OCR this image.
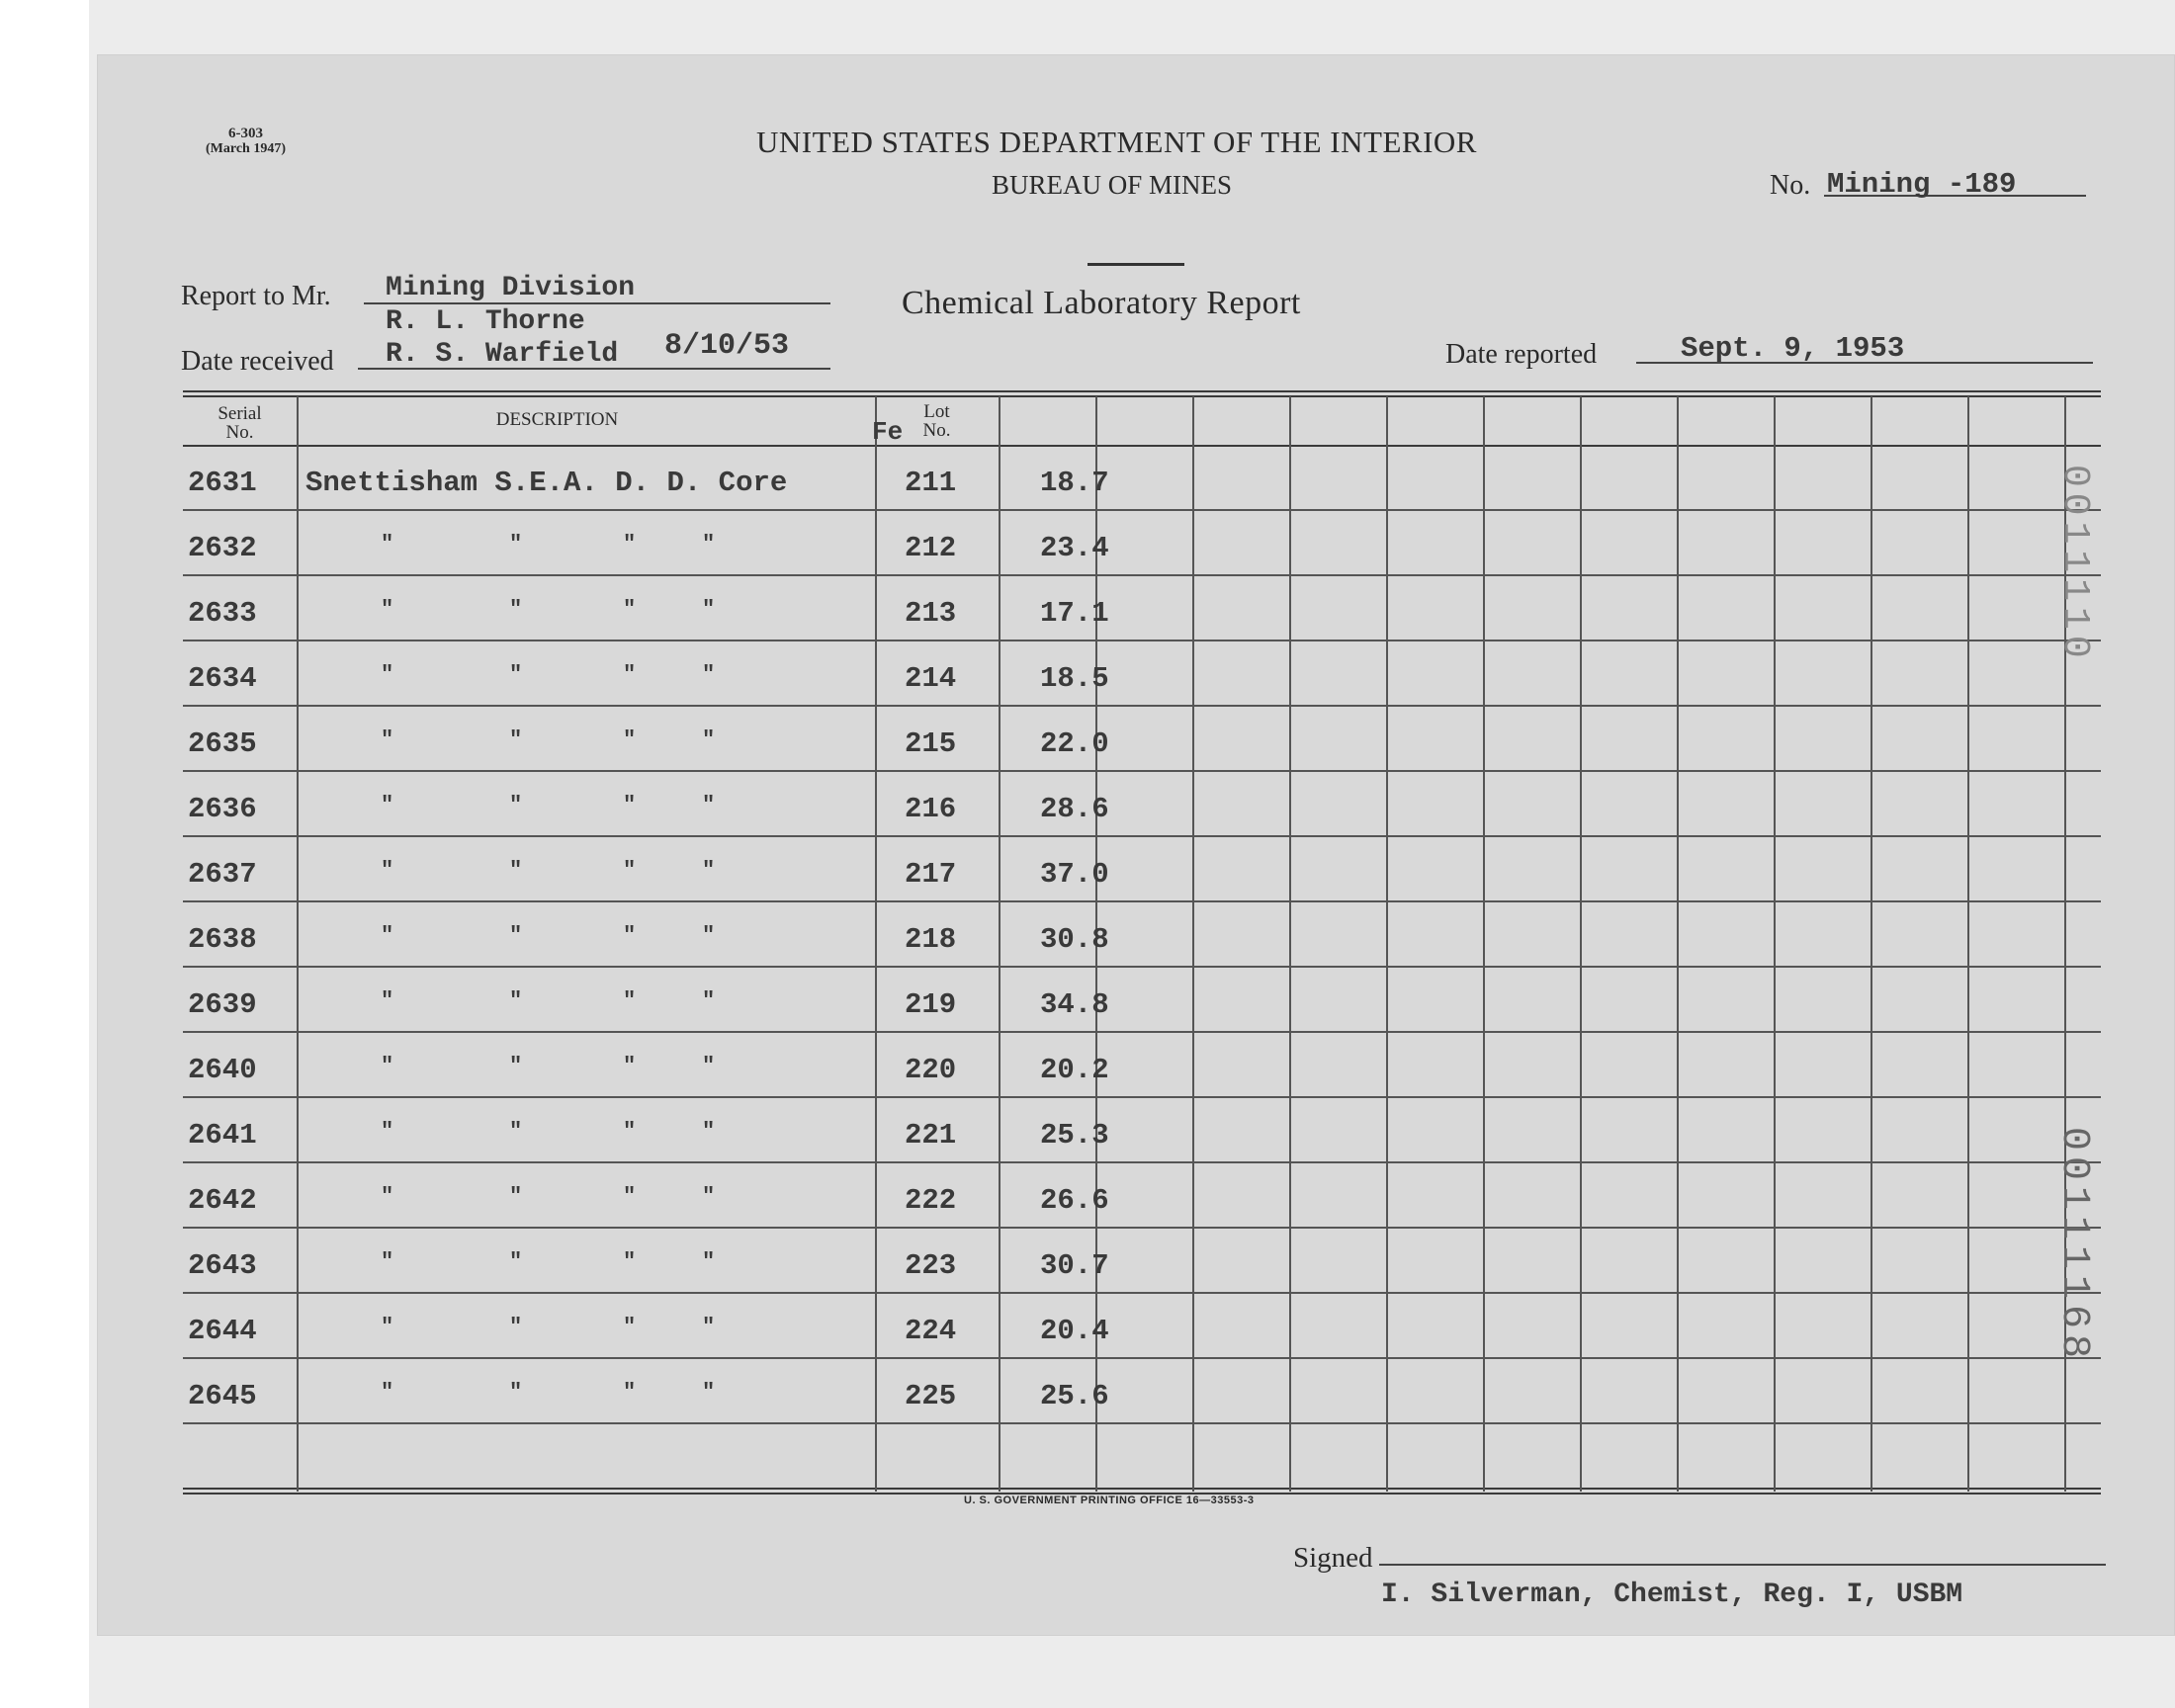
6-303
(March 1947)	UNITED STATES DEPARTMENT OF THE INTERIOR
BUREAU OF MINES
Chemical Laboratory Report
No. Mining -189
Report to Mr. Mining Division
R. L. Thorne
Date received R. S. Warfield 8/10/53	Date reported	Sept. 9, 1953
Serial No.
DESCRIPTION	Lot No.
2631 Snettisham S.E.A. D. D. Core	211	18.7
2632	"	"	"	"	212	23.4
2633	"	"	"	"	213	17.1
2634	"	"	"	"	214	18.5
2635	"	"	"	"	215	22.0
2636	"	"	"	"	216	28.6
2637	"	"	"	"	217	37.0
2638	"	"	"	"	218	30.8
2639	"	"	"	"	219	34.8
2640	"	"	"	"	220	20.2
2641	"	"	"	"	221	25.3
2642	"	"	"	"	222	26.6
2643	"	"	"	"	223	30.7
2644	"	"	"	"	224	20.4
2645	"	"	"	"	225	25.6
Fe
U. S. GOVERNMENT PRINTING OFFICE 16—33553-3
Signed
I. Silverman, Chemist, Reg. I, USBM
0011110
00111168
